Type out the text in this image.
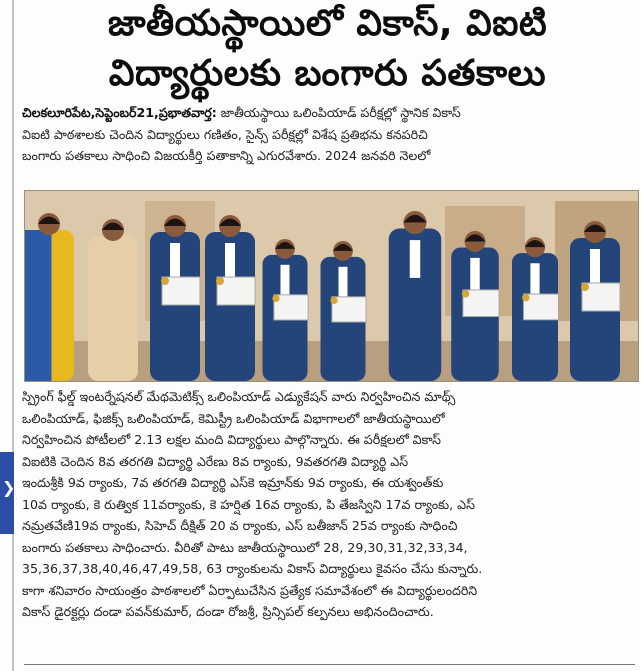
జాతీయస్థాయిలో వికాస్, విఐటి
విద్యార్థులకు బంగారు పతకాలు
చిలకలూరిపేట,సెప్టెంబర్21,ప్రభాతవార్త: జాతీయస్థాయి ఒలింపియాడ్ పరీక్షల్లో స్థానిక వికాస్
విఐటి పాఠశాలకు చెందిన విద్యార్థులు గణితం, సైన్స్ పరీక్షల్లో విశేష ప్రతిభను కనపరిచి
బంగారు పతకాలు సాధించి విజయకీర్తి పతాకాన్ని ఎగురవేశారు. 2024 జనవరి నెలలో
స్ప్రింగ్ ఫీల్డ్ ఇంటర్నేషనల్ మేథమెటిక్స్ ఒలింపియాడ్ ఎడ్యుకేషన్ వారు నిర్వహించిన మాథ్స్
ఒలింపియాడ్, ఫిజిక్స్ ఒలింపియాడ్, కెమిస్ట్రీ ఒలింపియాడ్ విభాగాలలో జాతీయస్థాయిలో
నిర్వహించిన పోటీలలో 2.13 లక్షల మంది విద్యార్థులు పాల్గొన్నారు. ఈ పరీక్షలలో వికాస్
విఐటికి చెందిన 8వ తరగతి విద్యార్థి ఎరేణు 8వ ర్యాంకు, 9వతరగతి విద్యార్థి ఎస్
ఇందుశ్రీకి 9వ ర్యాంకు, 7వ తరగతి విద్యార్థి ఎస్‌కె ఇమ్రాన్‌కు 9వ ర్యాంకు, ఈ యశ్వంత్‌కు
10వ ర్యాంకు, కె రుత్విక 11వర్యాంకు, కె హర్షిత 16వ ర్యాంకు, పి తేజస్విని 17వ ర్యాంకు, ఎస్
నమ్రతవేణి19వ ర్యాంకు, సిహెచ్ దీక్షిత్ 20 వ ర్యాంకు, ఎస్ బతీజాన్ 25వ ర్యాంకు సాధించి
బంగారు పతకాలు సాధించారు. వీరితో పాటు జాతీయస్థాయిలో 28, 29,30,31,32,33,34,
35,36,37,38,40,46,47,49,58, 63 ర్యాంకులను వికాస్ విద్యార్థులు కైవసం చేసు కున్నారు.
కాగా శనివారం సాయంత్రం పాఠశాలలో ఏర్పాటుచేసిన ప్రత్యేక సమావేశంలో ఈ విద్యార్థులందరిని
వికాస్ డైరక్టర్లు దండా పవన్‌కుమార్, దండా రోజశ్రీ, ప్రిన్సిపల్ కల్పనలు అభినందించారు.
❯
